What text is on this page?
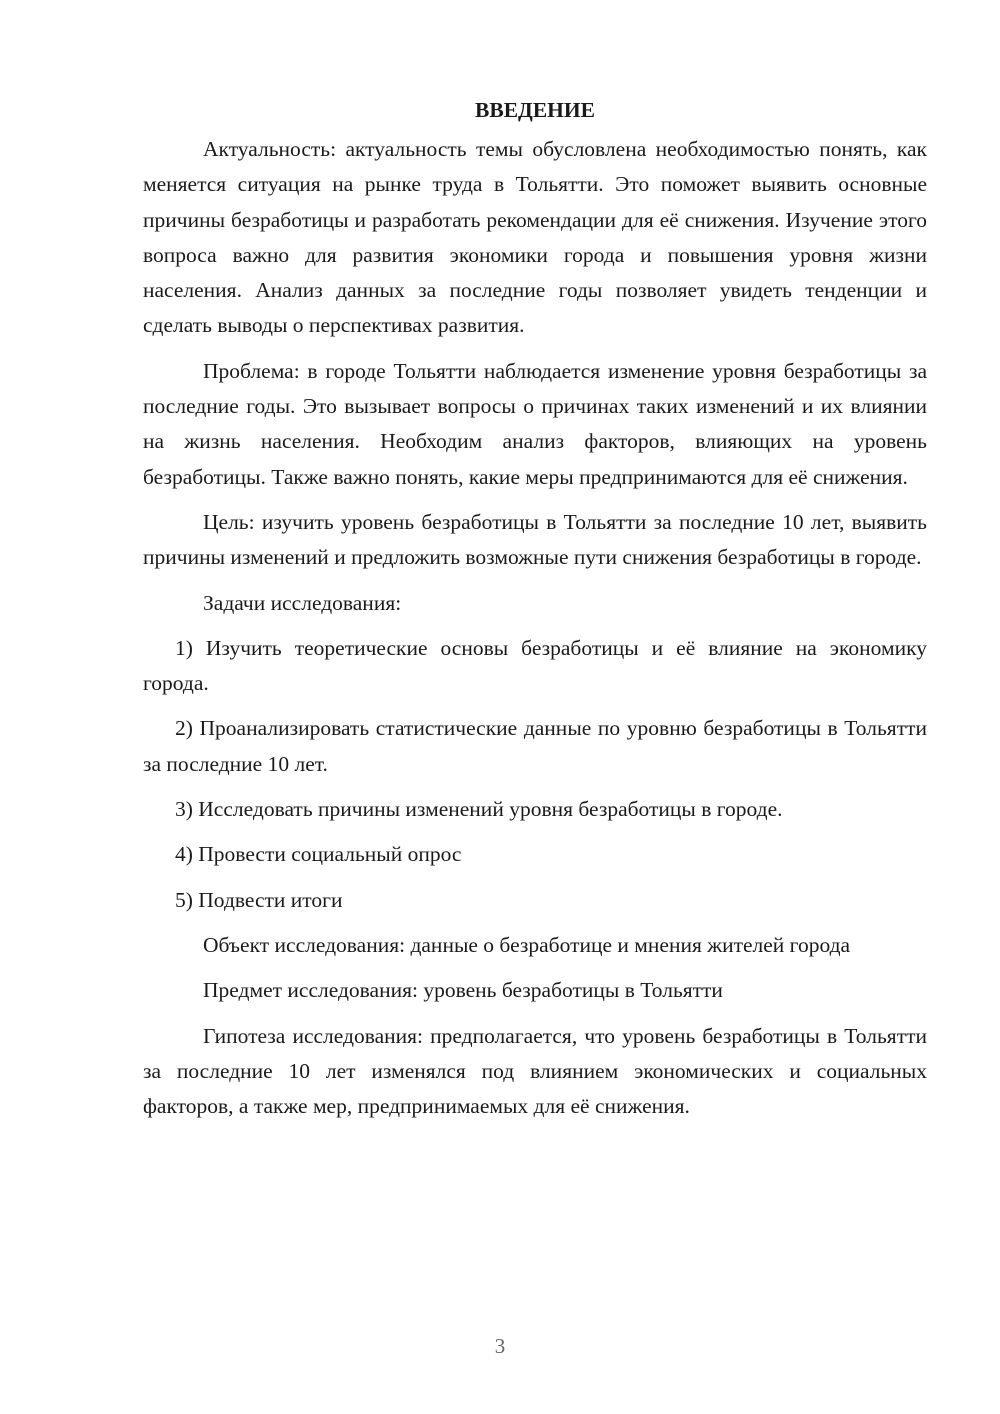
ВВЕДЕНИЕ

Актуальность: актуальность темы обусловлена необходимостью понять, как меняется ситуация на рынке труда в Тольятти. Это поможет выявить основные причины безработицы и разработать рекомендации для её снижения. Изучение этого вопроса важно для развития экономики города и повышения уровня жизни населения. Анализ данных за последние годы позволяет увидеть тенденции и сделать выводы о перспективах развития.

Проблема: в городе Тольятти наблюдается изменение уровня безработицы за последние годы. Это вызывает вопросы о причинах таких изменений и их влиянии на жизнь населения. Необходим анализ факторов, влияющих на уровень безработицы. Также важно понять, какие меры предпринимаются для её снижения.

Цель: изучить уровень безработицы в Тольятти за последние 10 лет, выявить причины изменений и предложить возможные пути снижения безработицы в городе.

Задачи исследования:

1) Изучить теоретические основы безработицы и её влияние на экономику города.

2) Проанализировать статистические данные по уровню безработицы в Тольятти за последние 10 лет.

3) Исследовать причины изменений уровня безработицы в городе.

4) Провести социальный опрос

5) Подвести итоги

Объект исследования: данные о безработице и мнения жителей города

Предмет исследования: уровень безработицы в Тольятти

Гипотеза исследования: предполагается, что уровень безработицы в Тольятти за последние 10 лет изменялся под влиянием экономических и социальных факторов, а также мер, предпринимаемых для её снижения.

3
